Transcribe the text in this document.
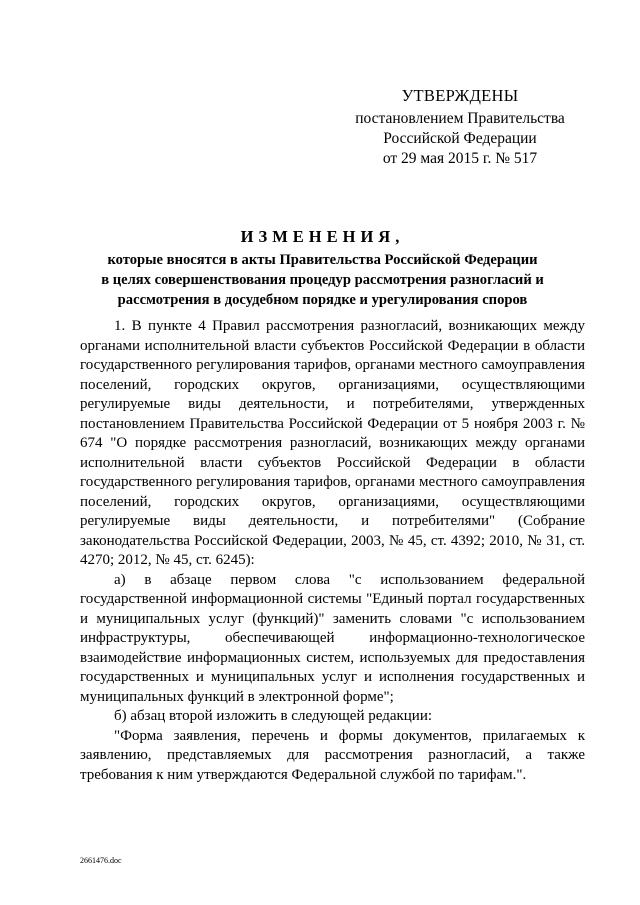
УТВЕРЖДЕНЫ
постановлением Правительства
Российской Федерации
от 29 мая 2015 г. № 517
ИЗМЕНЕНИЯ,
которые вносятся в акты Правительства Российской Федерации
в целях совершенствования процедур рассмотрения разногласий и
рассмотрения в досудебном порядке и урегулирования споров

1. В пункте 4 Правил рассмотрения разногласий, возникающих между органами исполнительной власти субъектов Российской Федерации в области государственного регулирования тарифов, органами местного самоуправления поселений, городских округов, организациями, осуществляющими регулируемые виды деятельности, и потребителями, утвержденных постановлением Правительства Российской Федерации от 5 ноября 2003 г. № 674 "О порядке рассмотрения разногласий, возникающих между органами исполнительной власти субъектов Российской Федерации в области государственного регулирования тарифов, органами местного самоуправления поселений, городских округов, организациями, осуществляющими регулируемые виды деятельности, и потребителями" (Собрание законодательства Российской Федерации, 2003, № 45, ст. 4392; 2010, № 31, ст. 4270; 2012, № 45, ст. 6245):

а) в абзаце первом слова "с использованием федеральной государственной информационной системы "Единый портал государственных и муниципальных услуг (функций)" заменить словами "с использованием инфраструктуры, обеспечивающей информационно-технологическое взаимодействие информационных систем, используемых для предоставления государственных и муниципальных услуг и исполнения государственных и муниципальных функций в электронной форме";

б) абзац второй изложить в следующей редакции:

"Форма заявления, перечень и формы документов, прилагаемых к заявлению, представляемых для рассмотрения разногласий, а также требования к ним утверждаются Федеральной службой по тарифам.".

2661476.doc
